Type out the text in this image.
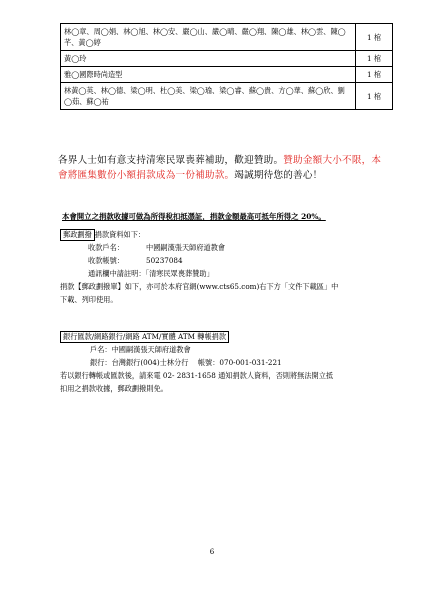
林◯章、周◯娟、林◯旭、林◯安、嚴◯山、嚴◯晴、嚴◯翔、陳◯雄、林◯雲、陳◯芊、黃◯婷	1 棺
黃◯玲	1 棺
雅◯國際時尚造型	1 棺
林黃◯英、林◯德、梁◯明、杜◯美、梁◯瑜、梁◯睿、蘇◯貴、方◯華、蘇◯欣、劉◯茹、蘇◯祐	1 棺
各界人士如有意支持清寒民眾喪葬補助，歡迎贊助。贊助金額大小不限，本會將匯集數份小額捐款成為一份補助款。竭誠期待您的善心！
本會開立之捐款收據可做為所得稅扣抵憑証，捐款金額最高可抵年所得之 20%。
郵政劃撥 捐款資料如下：
收款戶名：	中國嗣漢張天師府道教會
收款帳號：	50237084
通訊欄中請註明：「清寒民眾喪葬贊助」
捐款【郵政劃撥單】如下，亦可於本府官網(www.cts65.com)右下方「文件下載區」中
下載、列印使用。
銀行匯款/網路銀行/網路 ATM/實體 ATM 轉帳捐款
戶名：中國嗣漢張天師府道教會
銀行：台灣銀行(004)士林分行　 帳號：070-001-031-221
若以銀行轉帳或匯款後，請來電 02- 2831-1658 通知捐款人資料，否則將無法開立抵
扣用之捐款收據，郵政劃撥則免。
6
